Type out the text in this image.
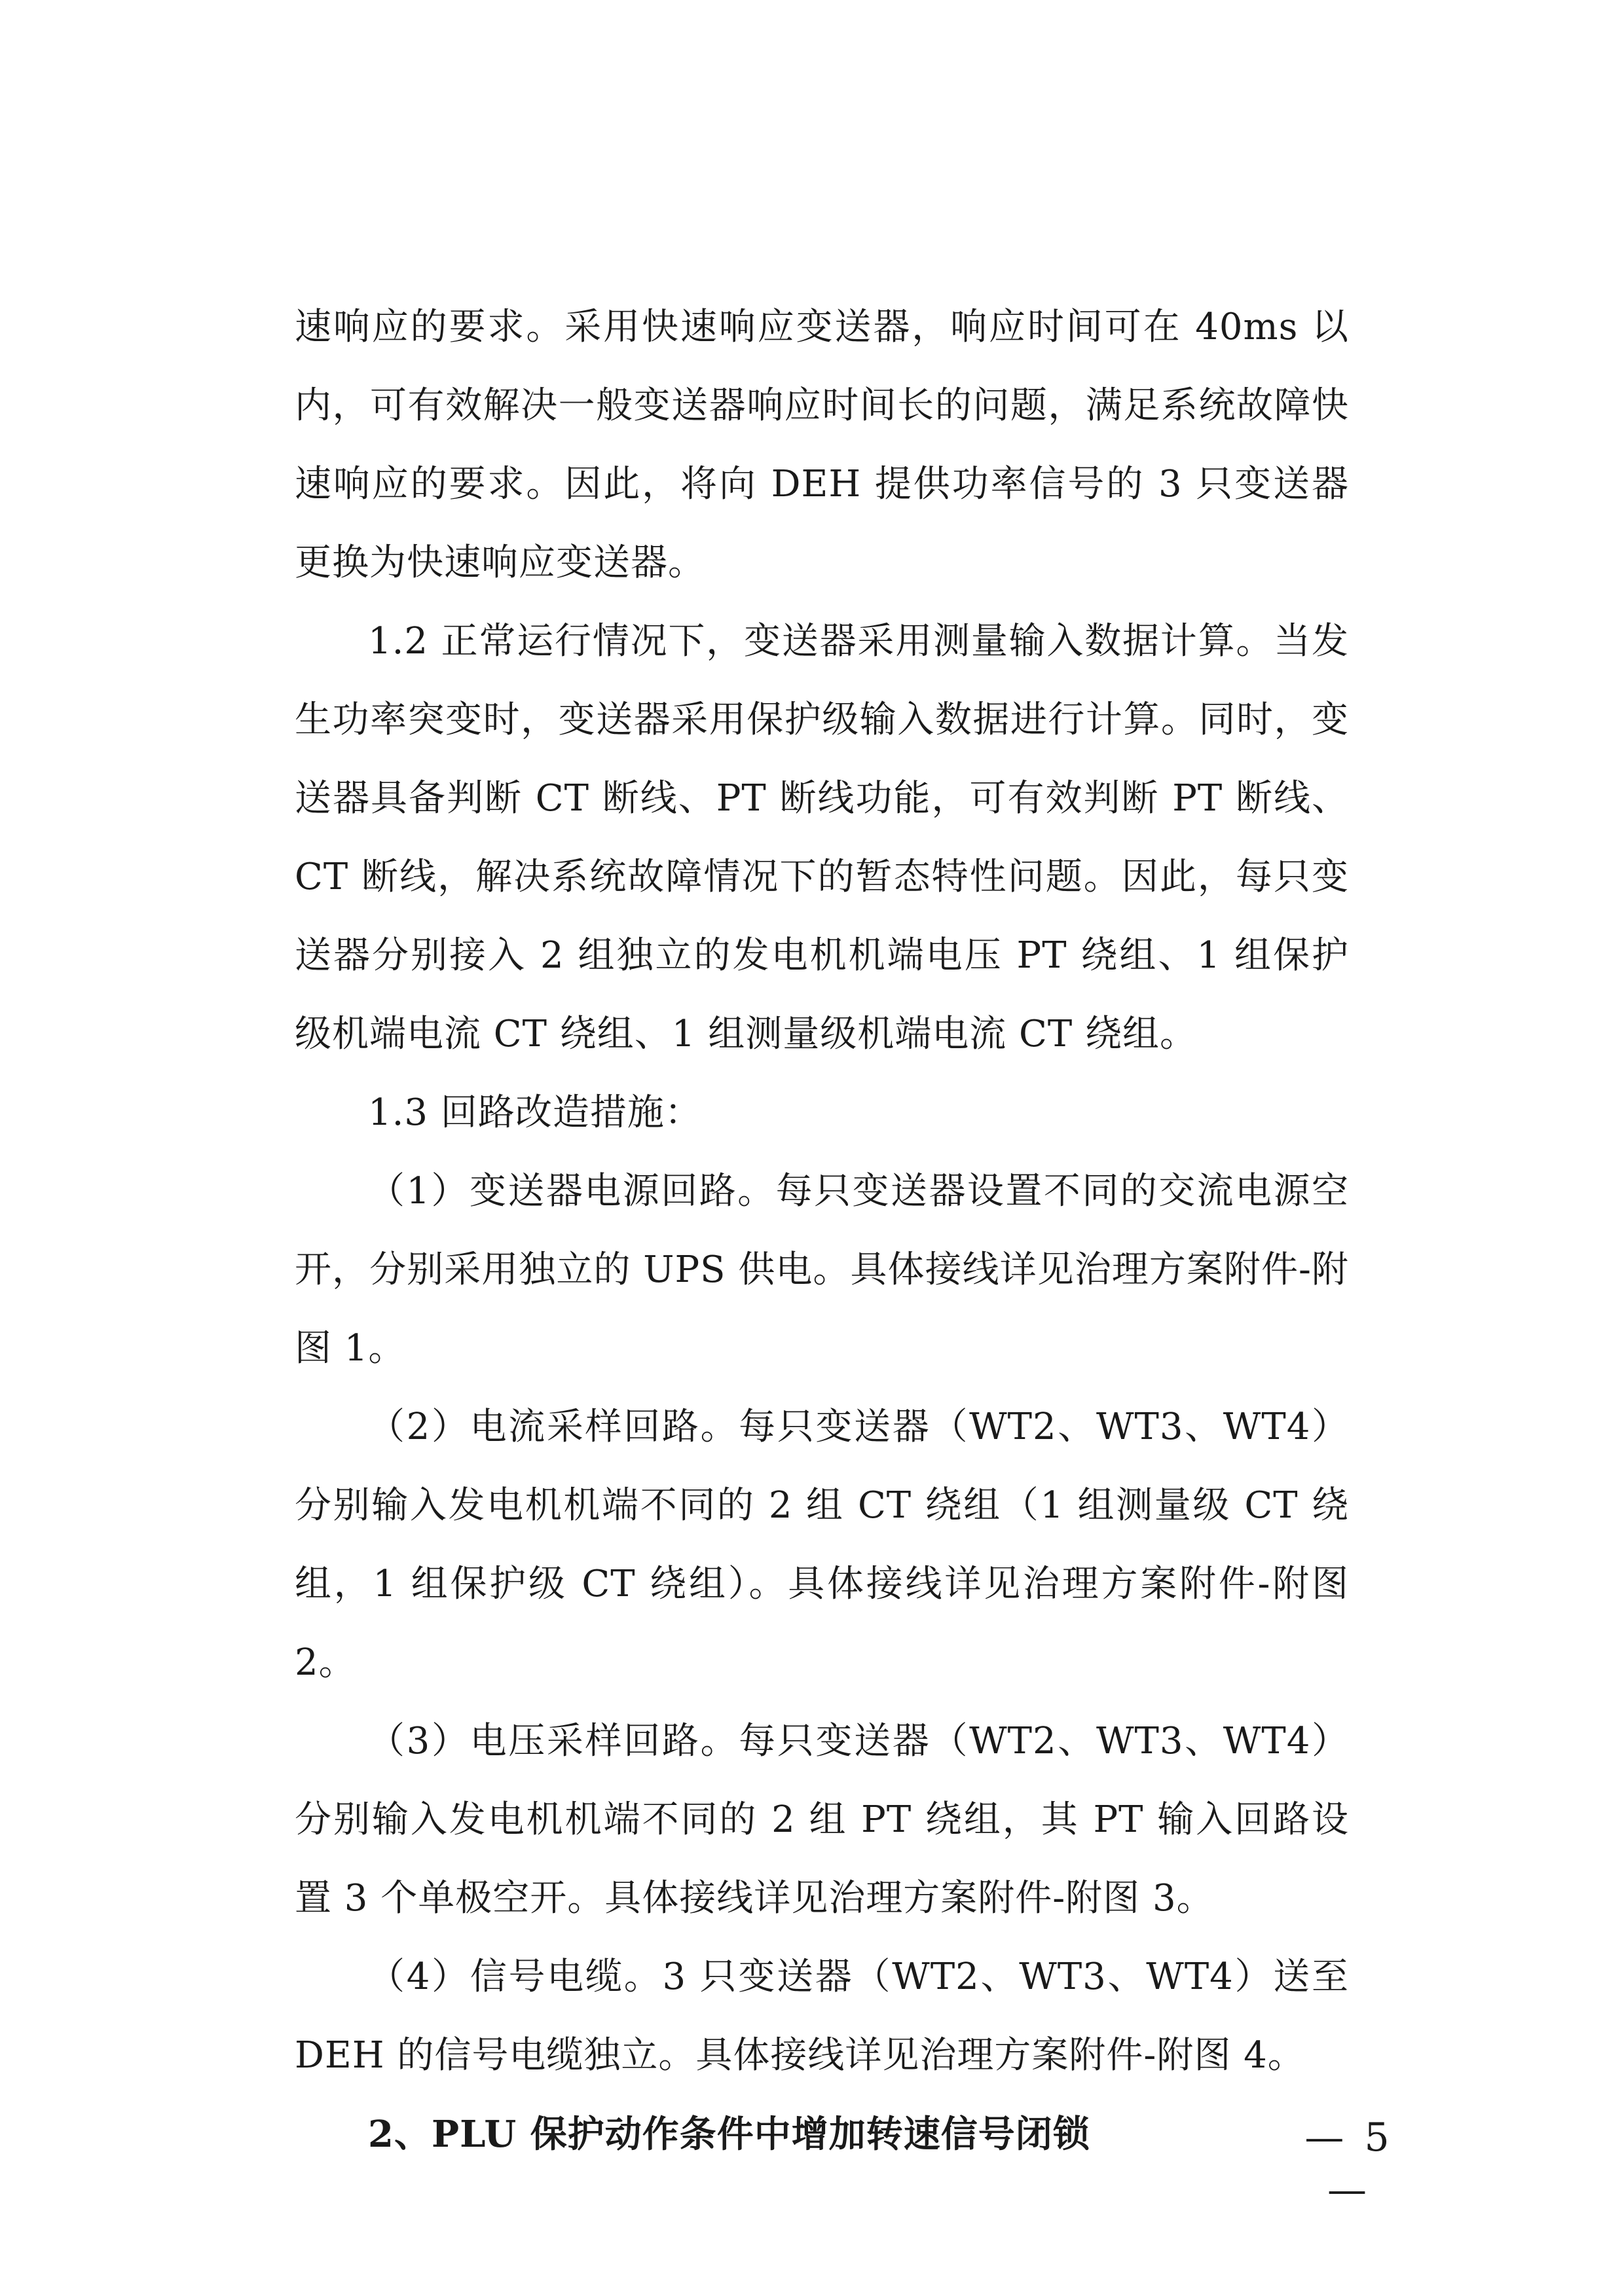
速响应的要求。采用快速响应变送器，响应时间可在 40ms 以内，可有效解决一般变送器响应时间长的问题，满足系统故障快速响应的要求。因此，将向 DEH 提供功率信号的 3 只变送器更换为快速响应变送器。

1.2 正常运行情况下，变送器采用测量输入数据计算。当发生功率突变时，变送器采用保护级输入数据进行计算。同时，变送器具备判断 CT 断线、PT 断线功能，可有效判断 PT 断线、CT 断线，解决系统故障情况下的暂态特性问题。因此，每只变送器分别接入 2 组独立的发电机机端电压 PT 绕组、1 组保护级机端电流 CT 绕组、1 组测量级机端电流 CT 绕组。

1.3 回路改造措施：

（1）变送器电源回路。每只变送器设置不同的交流电源空开，分别采用独立的 UPS 供电。具体接线详见治理方案附件-附图 1。

（2）电流采样回路。每只变送器（WT2、WT3、WT4）分别输入发电机机端不同的 2 组 CT 绕组（1 组测量级 CT 绕组，1 组保护级 CT 绕组）。具体接线详见治理方案附件-附图 2。

（3）电压采样回路。每只变送器（WT2、WT3、WT4）分别输入发电机机端不同的 2 组 PT 绕组，其 PT 输入回路设置 3 个单极空开。具体接线详见治理方案附件-附图 3。

（4）信号电缆。3 只变送器（WT2、WT3、WT4）送至 DEH 的信号电缆独立。具体接线详见治理方案附件-附图 4。

2、PLU 保护动作条件中增加转速信号闭锁	— 5 —
